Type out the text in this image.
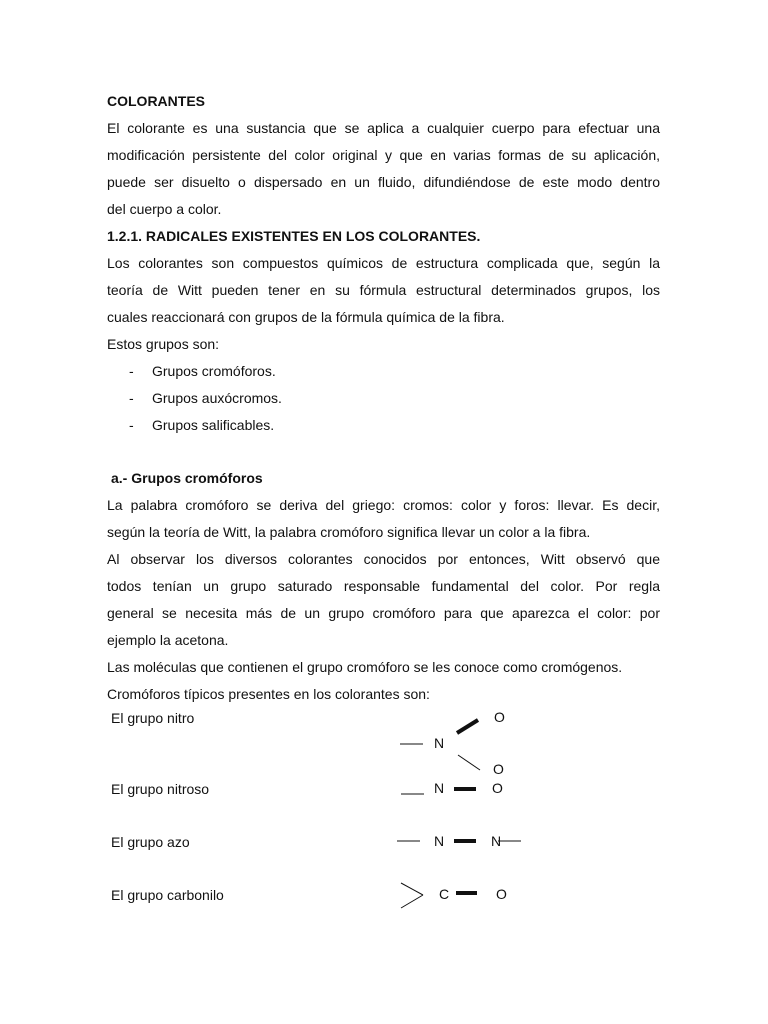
COLORANTES
El colorante es una sustancia que se aplica a cualquier cuerpo para efectuar una
modificación persistente del color original y que en varias formas de su aplicación,
puede ser disuelto o dispersado en un fluido, difundiéndose de este modo dentro
del cuerpo a color.
1.2.1. RADICALES EXISTENTES EN LOS COLORANTES.
Los colorantes son compuestos químicos de estructura complicada que, según la
teoría de Witt pueden tener en su fórmula estructural determinados grupos, los
cuales reaccionará con grupos de la fórmula química de la fibra.
Estos grupos son:
- Grupos cromóforos.
- Grupos auxócromos.
- Grupos salificables.
a.- Grupos cromóforos
La palabra cromóforo se deriva del griego: cromos: color y foros: llevar. Es decir,
según la teoría de Witt, la palabra cromóforo significa llevar un color a la fibra.
Al observar los diversos colorantes conocidos por entonces, Witt observó que
todos tenían un grupo saturado responsable fundamental del color. Por regla
general se necesita más de un grupo cromóforo para que aparezca el color: por
ejemplo la acetona.
Las moléculas que contienen el grupo cromóforo se les conoce como cromógenos.
Cromóforos típicos presentes en los colorantes son:
El grupo nitro
El grupo nitroso
El grupo azo
El grupo carbonilo
O
N
O
N	O
N	N
C	O
